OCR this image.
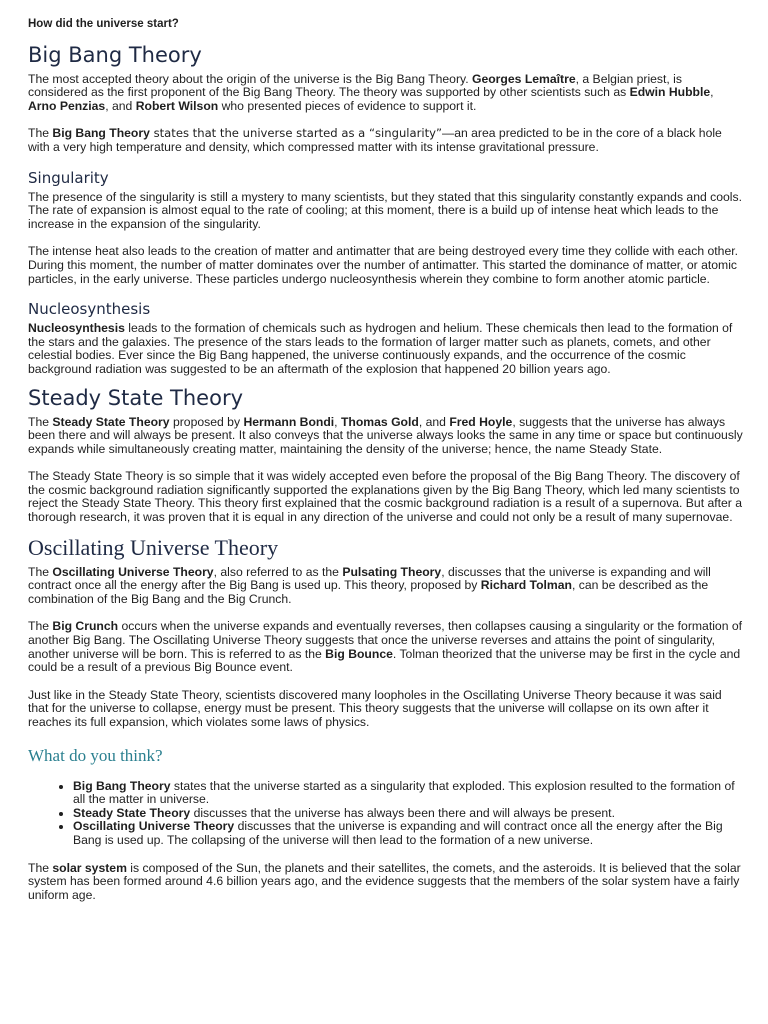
How did the universe start?
Big Bang Theory

The most accepted theory about the origin of the universe is the Big Bang Theory. Georges Lemaître, a Belgian priest, is considered as the first proponent of the Big Bang Theory. The theory was supported by other scientists such as Edwin Hubble, Arno Penzias, and Robert Wilson who presented pieces of evidence to support it.

The Big Bang Theory states that the universe started as a “singularity”—an area predicted to be in the core of a black hole with a very high temperature and density, which compressed matter with its intense gravitational pressure.

Singularity

The presence of the singularity is still a mystery to many scientists, but they stated that this singularity constantly expands and cools. The rate of expansion is almost equal to the rate of cooling; at this moment, there is a build up of intense heat which leads to the increase in the expansion of the singularity.

The intense heat also leads to the creation of matter and antimatter that are being destroyed every time they collide with each other. During this moment, the number of matter dominates over the number of antimatter. This started the dominance of matter, or atomic particles, in the early universe. These particles undergo nucleosynthesis wherein they combine to form another atomic particle.

Nucleosynthesis

Nucleosynthesis leads to the formation of chemicals such as hydrogen and helium. These chemicals then lead to the formation of the stars and the galaxies. The presence of the stars leads to the formation of larger matter such as planets, comets, and other celestial bodies. Ever since the Big Bang happened, the universe continuously expands, and the occurrence of the cosmic background radiation was suggested to be an aftermath of the explosion that happened 20 billion years ago.

Steady State Theory

The Steady State Theory proposed by Hermann Bondi, Thomas Gold, and Fred Hoyle, suggests that the universe has always been there and will always be present. It also conveys that the universe always looks the same in any time or space but continuously expands while simultaneously creating matter, maintaining the density of the universe; hence, the name Steady State.

The Steady State Theory is so simple that it was widely accepted even before the proposal of the Big Bang Theory. The discovery of the cosmic background radiation significantly supported the explanations given by the Big Bang Theory, which led many scientists to reject the Steady State Theory. This theory first explained that the cosmic background radiation is a result of a supernova. But after a thorough research, it was proven that it is equal in any direction of the universe and could not only be a result of many supernovae.

Oscillating Universe Theory

The Oscillating Universe Theory, also referred to as the Pulsating Theory, discusses that the universe is expanding and will contract once all the energy after the Big Bang is used up. This theory, proposed by Richard Tolman, can be described as the combination of the Big Bang and the Big Crunch.

The Big Crunch occurs when the universe expands and eventually reverses, then collapses causing a singularity or the formation of another Big Bang. The Oscillating Universe Theory suggests that once the universe reverses and attains the point of singularity, another universe will be born. This is referred to as the Big Bounce. Tolman theorized that the universe may be first in the cycle and could be a result of a previous Big Bounce event.

Just like in the Steady State Theory, scientists discovered many loopholes in the Oscillating Universe Theory because it was said that for the universe to collapse, energy must be present. This theory suggests that the universe will collapse on its own after it reaches its full expansion, which violates some laws of physics.

What do you think?
• Big Bang Theory states that the universe started as a singularity that exploded. This explosion resulted to the formation of all the matter in universe.
• Steady State Theory discusses that the universe has always been there and will always be present.
• Oscillating Universe Theory discusses that the universe is expanding and will contract once all the energy after the Big Bang is used up. The collapsing of the universe will then lead to the formation of a new universe.

The solar system is composed of the Sun, the planets and their satellites, the comets, and the asteroids. It is believed that the solar system has been formed around 4.6 billion years ago, and the evidence suggests that the members of the solar system have a fairly uniform age.
